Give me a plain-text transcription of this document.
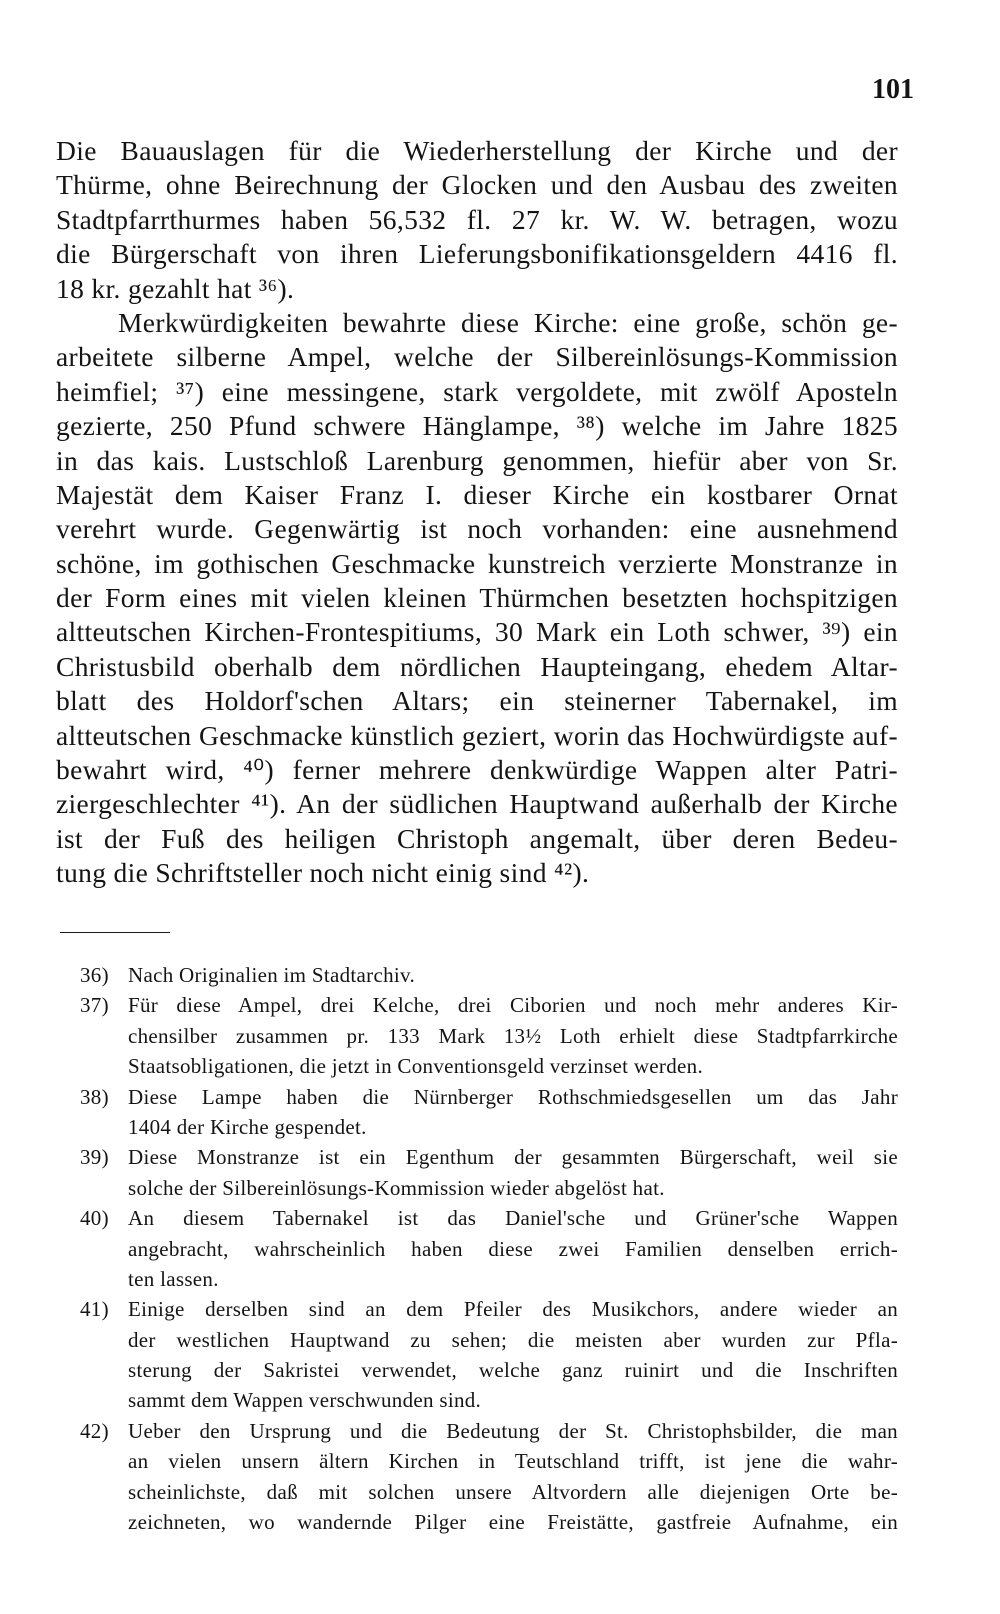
101
Die Bauauslagen für die Wiederherstellung der Kirche und der
Thürme, ohne Beirechnung der Glocken und den Ausbau des zweiten
Stadtpfarrthurmes haben 56,532 fl. 27 kr. W. W. betragen, wozu
die Bürgerschaft von ihren Lieferungsbonifikationsgeldern 4416 fl.
18 kr. gezahlt hat ³⁶).
Merkwürdigkeiten bewahrte diese Kirche: eine große, schön ge-
arbeitete silberne Ampel, welche der Silbereinlösungs-Kommission
heimfiel; ³⁷) eine messingene, stark vergoldete, mit zwölf Aposteln
gezierte, 250 Pfund schwere Hänglampe, ³⁸) welche im Jahre 1825
in das kais. Lustschloß Larenburg genommen, hiefür aber von Sr.
Majestät dem Kaiser Franz I. dieser Kirche ein kostbarer Ornat
verehrt wurde. Gegenwärtig ist noch vorhanden: eine ausnehmend
schöne, im gothischen Geschmacke kunstreich verzierte Monstranze in
der Form eines mit vielen kleinen Thürmchen besetzten hochspitzigen
altteutschen Kirchen-Frontespitiums, 30 Mark ein Loth schwer, ³⁹) ein
Christusbild oberhalb dem nördlichen Haupteingang, ehedem Altar-
blatt des Holdorf'schen Altars; ein steinerner Tabernakel, im
altteutschen Geschmacke künstlich geziert, worin das Hochwürdigste auf-
bewahrt wird, ⁴⁰) ferner mehrere denkwürdige Wappen alter Patri-
ziergeschlechter ⁴¹). An der südlichen Hauptwand außerhalb der Kirche
ist der Fuß des heiligen Christoph angemalt, über deren Bedeu-
tung die Schriftsteller noch nicht einig sind ⁴²).
36) Nach Originalien im Stadtarchiv.
37) Für diese Ampel, drei Kelche, drei Ciborien und noch mehr anderes Kir-
chensilber zusammen pr. 133 Mark 13½ Loth erhielt diese Stadtpfarrkirche
Staatsobligationen, die jetzt in Conventionsgeld verzinset werden.
38) Diese Lampe haben die Nürnberger Rothschmiedsgesellen um das Jahr
1404 der Kirche gespendet.
39) Diese Monstranze ist ein Egenthum der gesammten Bürgerschaft, weil sie
solche der Silbereinlösungs-Kommission wieder abgelöst hat.
40) An diesem Tabernakel ist das Daniel'sche und Grüner'sche Wappen
angebracht, wahrscheinlich haben diese zwei Familien denselben errich-
ten lassen.
41) Einige derselben sind an dem Pfeiler des Musikchors, andere wieder an
der westlichen Hauptwand zu sehen; die meisten aber wurden zur Pfla-
sterung der Sakristei verwendet, welche ganz ruinirt und die Inschriften
sammt dem Wappen verschwunden sind.
42) Ueber den Ursprung und die Bedeutung der St. Christophsbilder, die man
an vielen unsern ältern Kirchen in Teutschland trifft, ist jene die wahr-
scheinlichste, daß mit solchen unsere Altvordern alle diejenigen Orte be-
zeichneten, wo wandernde Pilger eine Freistätte, gastfreie Aufnahme, ein
